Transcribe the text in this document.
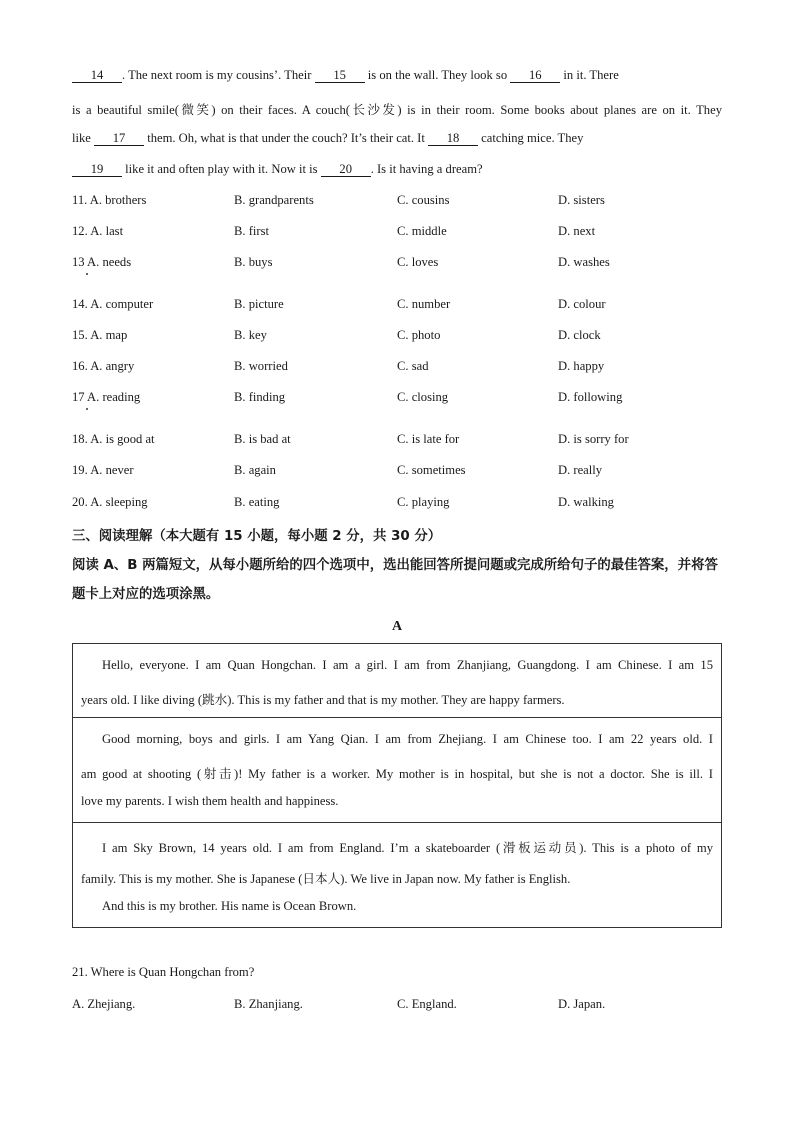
14 . The next room is my cousins’. Their 15 is on the wall. They look so 16 in it. There
is a beautiful smile(微笑) on their faces. A couch(长沙发) is in their room. Some books about planes are on it. They
like 17 them. Oh, what is that under the couch? It’s their cat. It 18 catching mice. They
19 like it and often play with it. Now it is 20 . Is it having a dream?
11. A. brothers	B. grandparents	C. cousins	D. sisters
12. A. last	B. first	C. middle	D. next
13 A. needs	B. buys	C. loves	D. washes
14. A. computer	B. picture	C. number	D. colour
15. A. map	B. key	C. photo	D. clock
16. A. angry	B. worried	C. sad	D. happy
17 A. reading	B. finding	C. closing	D. following
18. A. is good at	B. is bad at	C. is late for	D. is sorry for
19. A. never	B. again	C. sometimes	D. really
20. A. sleeping	B. eating	C. playing	D. walking
三、阅读理解（本大题有 15 小题，每小题 2 分，共 30 分）
阅读 A、B 两篇短文，从每小题所给的四个选项中，选出能回答所提问题或完成所给句子的最佳答案，并将答题卡上对应的选项涂黑。
A
Hello, everyone. I am Quan Hongchan. I am a girl. I am from Zhanjiang, Guangdong. I am Chinese. I am 15
years old. I like diving (跳水). This is my father and that is my mother. They are happy farmers.
Good morning, boys and girls. I am Yang Qian. I am from Zhejiang. I am Chinese too. I am 22 years old. I
am good at shooting (射击)! My father is a worker. My mother is in hospital, but she is not a doctor. She is ill. I
love my parents. I wish them health and happiness.
I am Sky Brown, 14 years old. I am from England. I’m a skateboarder (滑板运动员). This is a photo of my
family. This is my mother. She is Japanese (日本人). We live in Japan now. My father is English.
And this is my brother. His name is Ocean Brown.
21. Where is Quan Hongchan from?
A. Zhejiang.	B. Zhanjiang.	C. England.	D. Japan.
